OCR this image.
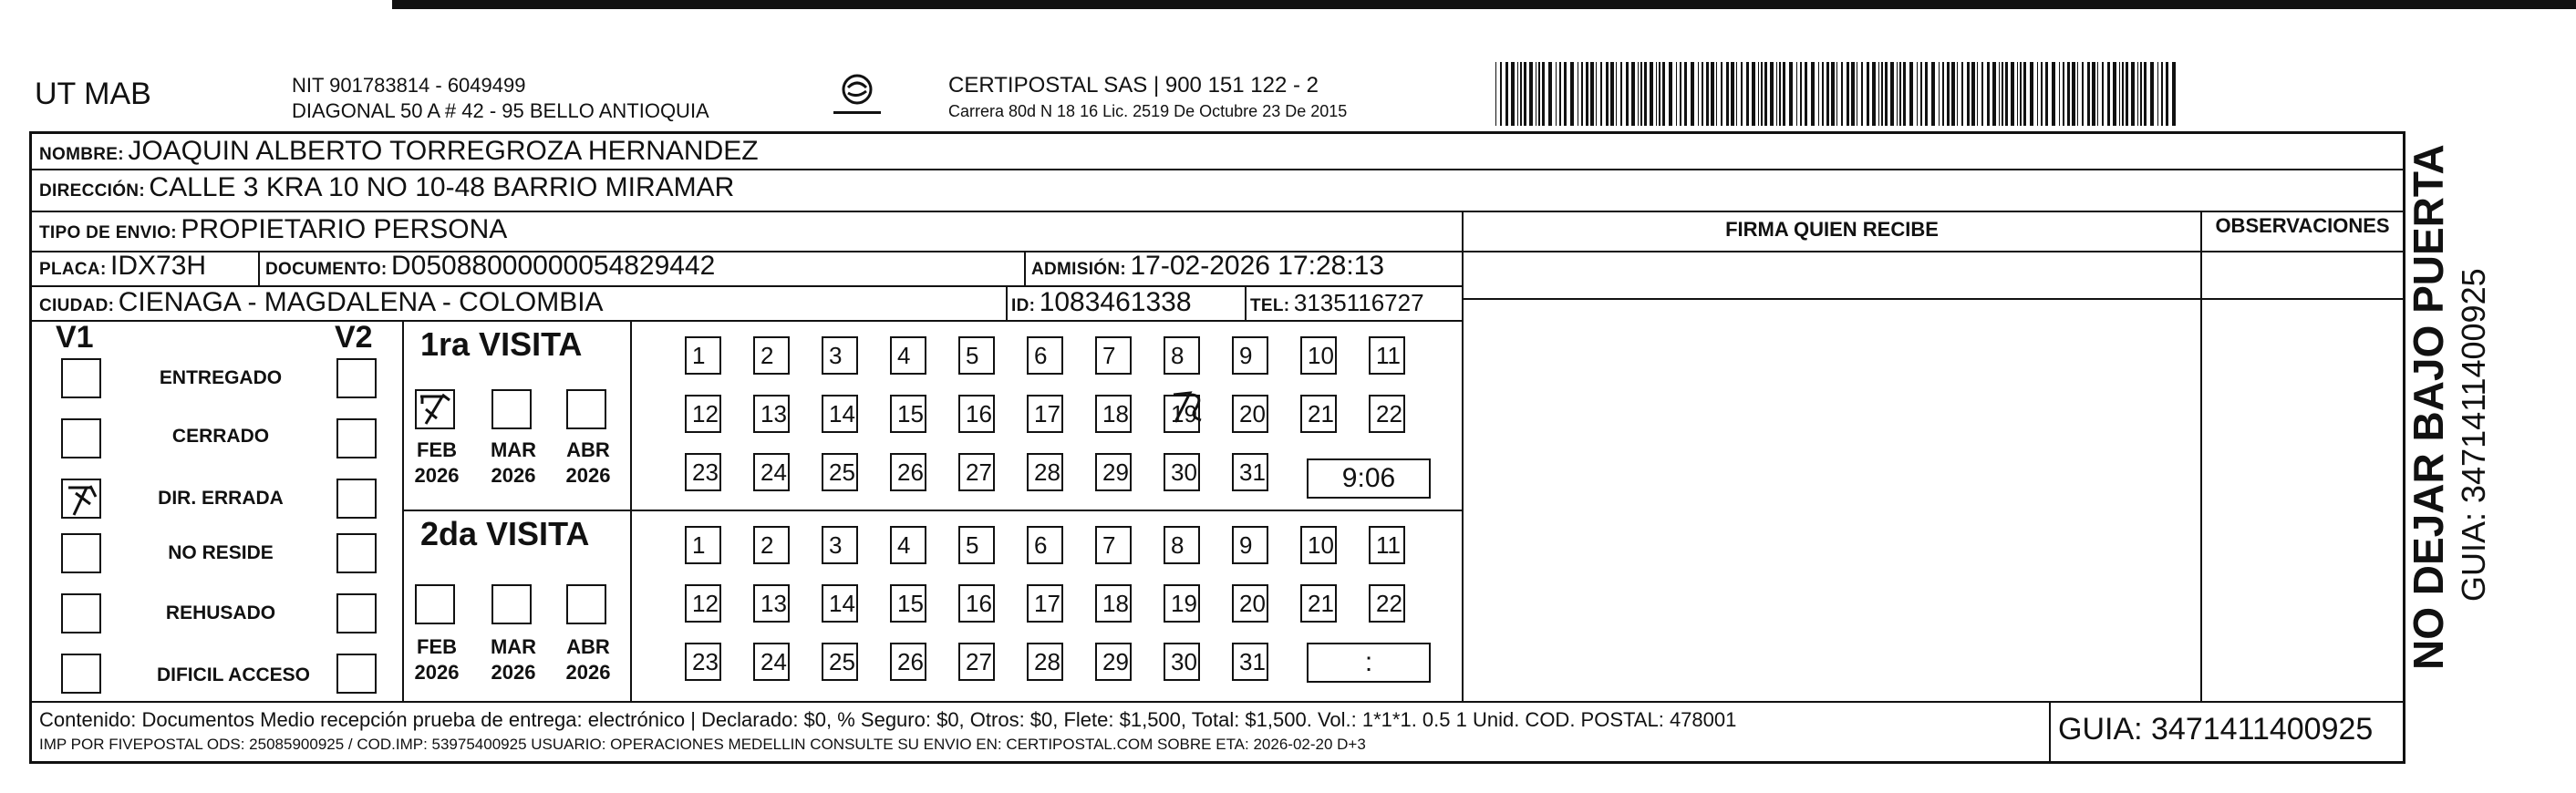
UT MAB	NIT 901783814 - 6049499
DIAGONAL 50 A # 42 - 95 BELLO ANTIOQUIA
CERTIPOSTAL SAS | 900 151 122 - 2
Carrera 80d N 18 16 Lic. 2519 De Octubre 23 De 2015
NOMBRE: JOAQUIN ALBERTO TORREGROZA HERNANDEZ
DIRECCIÓN: CALLE 3 KRA 10 NO 10-48 BARRIO MIRAMAR
TIPO DE ENVIO: PROPIETARIO PERSONA	FIRMA QUIEN RECIBE	OBSERVACIONES
PLACA: IDX73H	DOCUMENTO: D05088000000054829442	ADMISIÓN: 17-02-2026 17:28:13
CIUDAD: CIENAGA - MAGDALENA - COLOMBIA	ID: 1083461338	TEL: 3135116727
V1	V2
ENTREGADO
CERRADO
DIR. ERRADA
NO RESIDE
REHUSADO
DIFICIL ACCESO
1ra VISITA
FEB	MAR ABR
2026 2026 2026
1	2	3	4	5	6	7	8	9	10	11
12	13	14	15	16	17	18	19	20	21	22
23	24	25	26	27	28	29	30	31	9:06
2da VISITA
FEB	MAR ABR
2026 2026 2026
1	2	3	4	5	6	7	8	9	10	11
12	13	14	15	16	17	18	19	20	21	22
23	24	25	26	27	28	29	30	31	:
Contenido: Documentos Medio recepción prueba de entrega: electrónico | Declarado: $0, % Seguro: $0, Otros: $0, Flete: $1,500, Total: $1,500. Vol.: 1*1*1. 0.5 1 Unid. COD. POSTAL: 478001
IMP POR FIVEPOSTAL ODS: 25085900925 / COD.IMP: 53975400925 USUARIO: OPERACIONES MEDELLIN CONSULTE SU ENVIO EN: CERTIPOSTAL.COM SOBRE ETA: 2026-02-20 D+3	GUIA: 3471411400925
NO DEJAR BAJO PUERTA GUIA: 3471411400925
